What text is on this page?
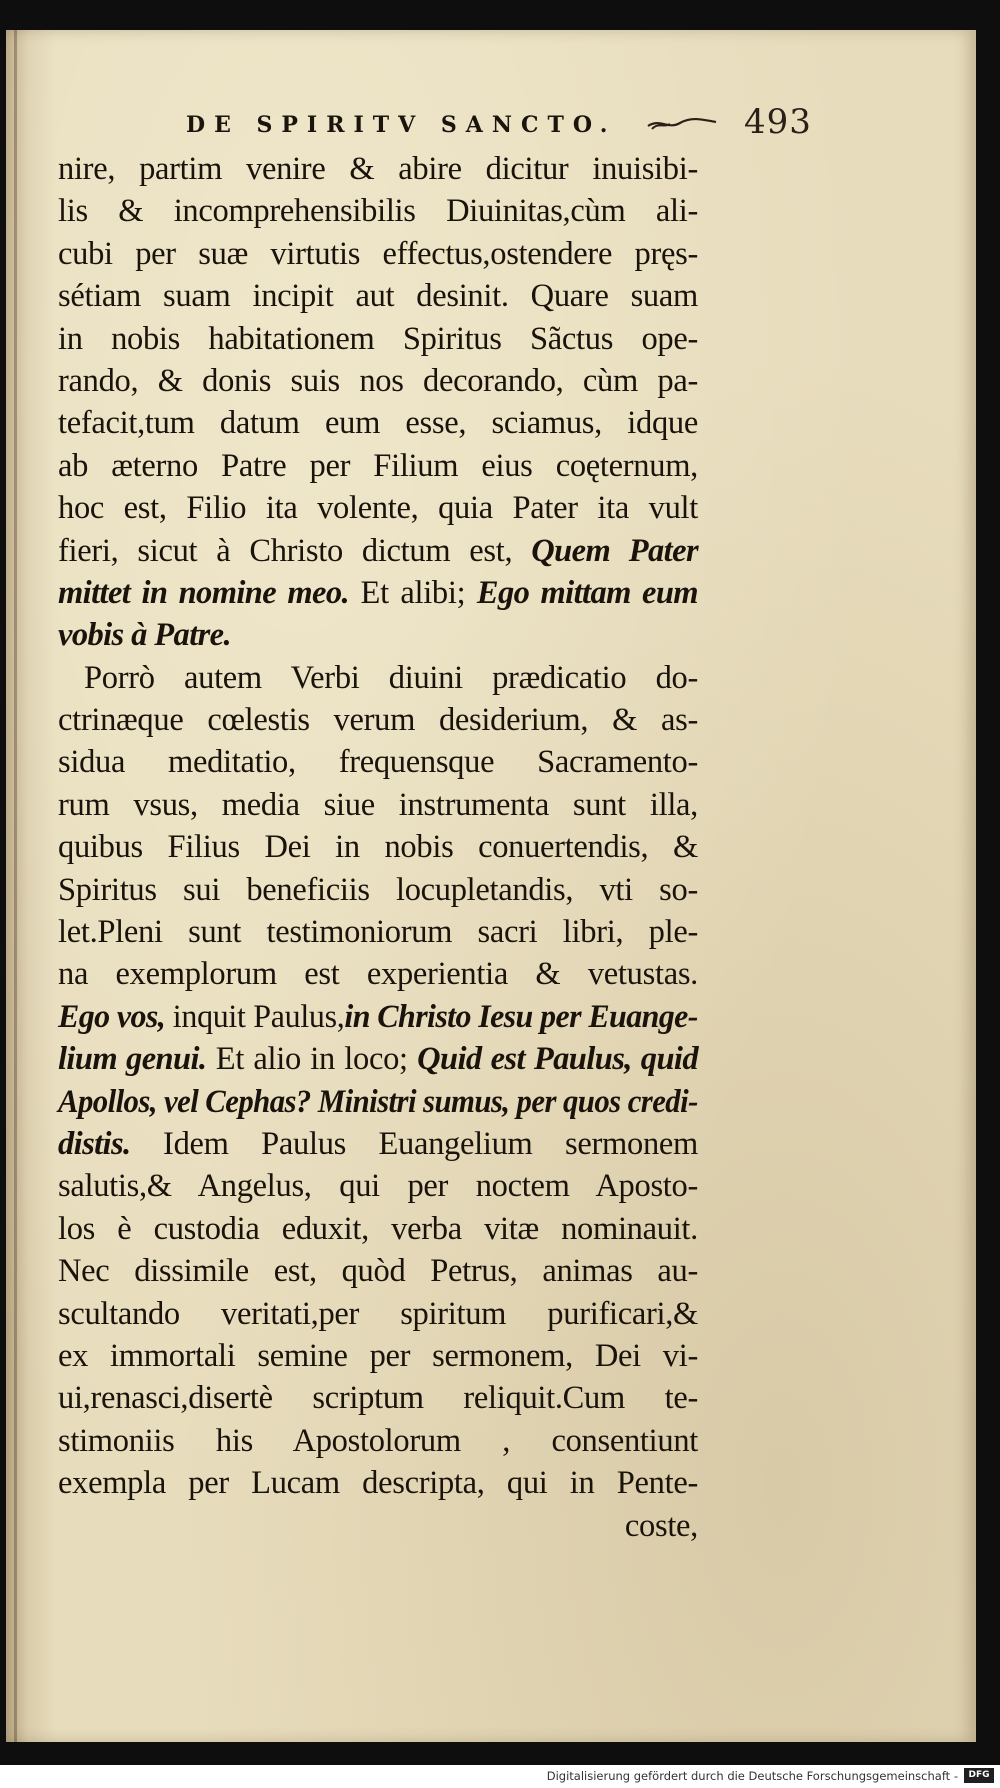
DE SPIRITV SANCTO.	493
nire, partim venire & abire dicitur inuisibi-
lis & incomprehensibilis Diuinitas,cùm ali-
cubi per suæ virtutis effectus,ostendere pręs-
sétiam suam incipit aut desinit. Quare suam
in nobis habitationem Spiritus Sãctus ope-
rando, & donis suis nos decorando, cùm pa-
tefacit,tum datum eum esse, sciamus, idque
ab æterno Patre per Filium eius coęternum,
hoc est, Filio ita volente, quia Pater ita vult
fieri, sicut à Christo dictum est, Quem Pater
mittet in nomine meo. Et alibi; Ego mittam eum
vobis à Patre.
Porrò autem Verbi diuini prædicatio do-
ctrinæque cœlestis verum desiderium, & as-
sidua meditatio, frequensque Sacramento-
rum vsus, media siue instrumenta sunt illa,
quibus Filius Dei in nobis conuertendis, &
Spiritus sui beneficiis locupletandis, vti so-
let.Pleni sunt testimoniorum sacri libri, ple-
na exemplorum est experientia & vetustas.
Ego vos, inquit Paulus,in Christo Iesu per Euange-
lium genui. Et alio in loco; Quid est Paulus, quid
Apollos, vel Cephas? Ministri sumus, per quos credi-
distis. Idem Paulus Euangelium sermonem
salutis,& Angelus, qui per noctem Aposto-
los è custodia eduxit, verba vitæ nominauit.
Nec dissimile est, quòd Petrus, animas au-
scultando veritati,per spiritum purificari,&
ex immortali semine per sermonem, Dei vi-
ui,renasci,disertè scriptum reliquit.Cum te-
stimoniis his Apostolorum , consentiunt
exempla per Lucam descripta, qui in Pente-
coste,
Digitalisierung gefördert durch die Deutsche Forschungsgemeinschaft -	DFG
